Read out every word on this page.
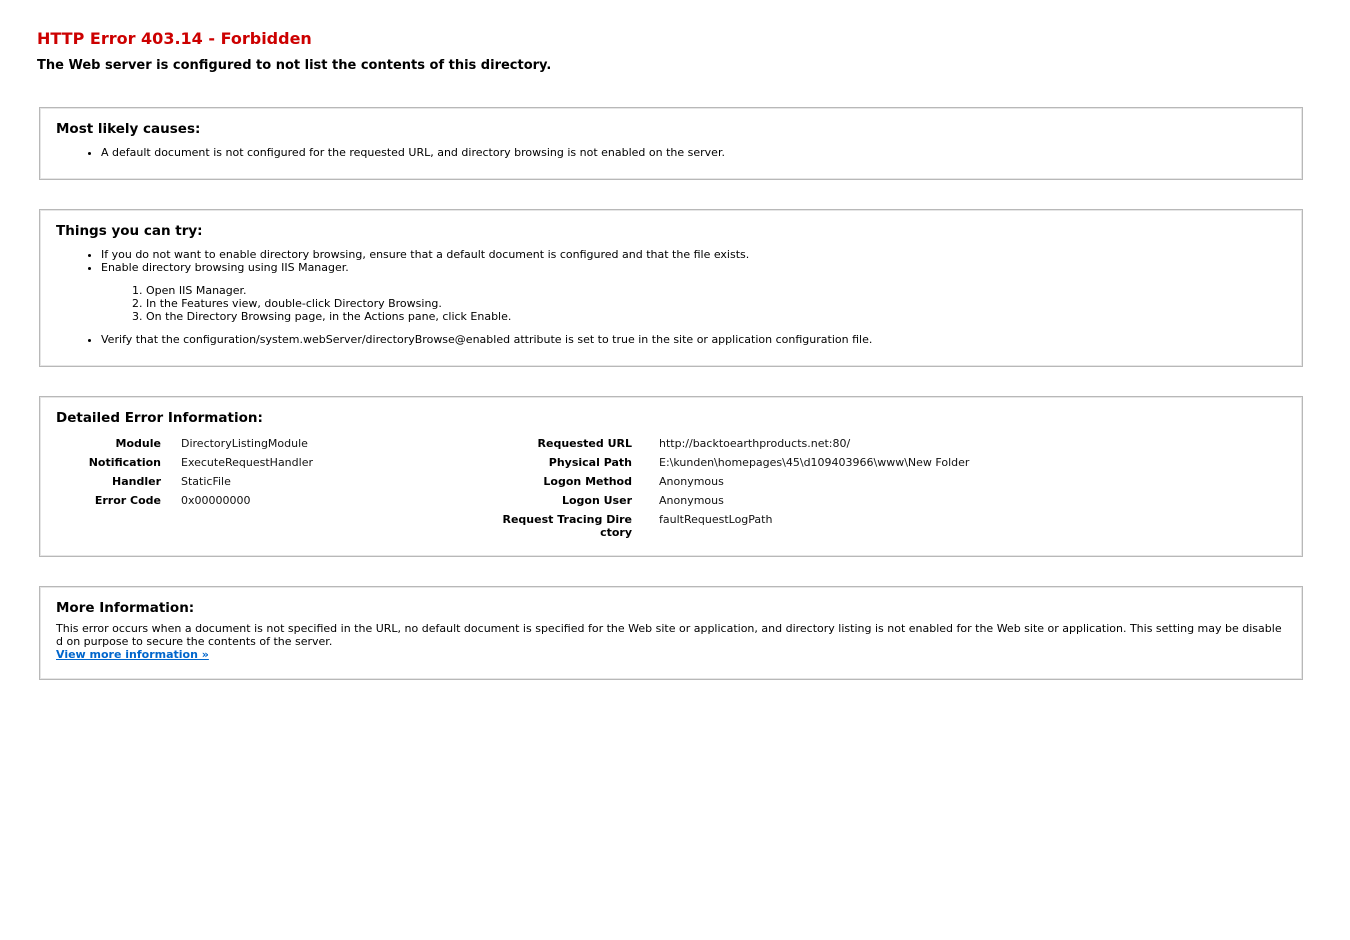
HTTP Error 403.14 - Forbidden
The Web server is configured to not list the contents of this directory.
Most likely causes:
• A default document is not configured for the requested URL, and directory browsing is not enabled on the server.
Things you can try:
• If you do not want to enable directory browsing, ensure that a default document is configured and that the file exists.
• Enable directory browsing using IIS Manager.
1. Open IIS Manager.
2. In the Features view, double-click Directory Browsing.
3. On the Directory Browsing page, in the Actions pane, click Enable.
• Verify that the configuration/system.webServer/directoryBrowse@enabled attribute is set to true in the site or application configuration file.
Detailed Error Information:
Module	DirectoryListingModule
Notification	ExecuteRequestHandler
Handler	StaticFile
Error Code	0x00000000
Requested URL	http://backtoearthproducts.net:80/
Physical Path	E:\kunden\homepages\45\d109403966\www\New Folder
Logon Method	Anonymous
Logon User	Anonymous
Request Tracing Directory	faultRequestLogPath
More Information:
This error occurs when a document is not specified in the URL, no default document is specified for the Web site or application, and directory listing is not enabled for the Web site or application. This setting may be disabled on purpose to secure the contents of the server.
View more information »
